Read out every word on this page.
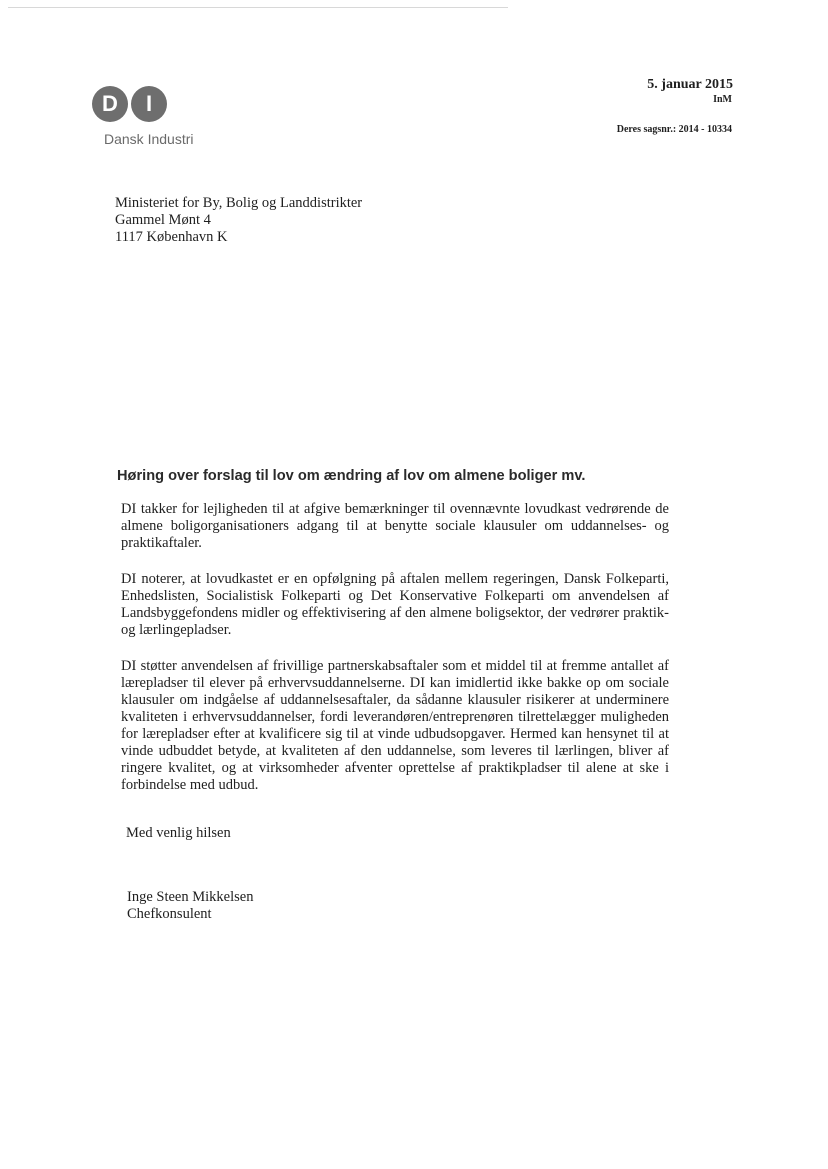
D	I
Dansk Industri
5. januar 2015
InM
Deres sagsnr.: 2014 - 10334
Ministeriet for By, Bolig og Landdistrikter
Gammel Mønt 4
1117 København K
Høring over forslag til lov om ændring af lov om almene boliger mv.

DI takker for lejligheden til at afgive bemærkninger til ovennævnte lovudkast vedrørende de almene boligorganisationers adgang til at benytte sociale klausuler om uddannelses- og praktikaftaler.

DI noterer, at lovudkastet er en opfølgning på aftalen mellem regeringen, Dansk Folkeparti, Enhedslisten, Socialistisk Folkeparti og Det Konservative Folkeparti om anvendelsen af Landsbyggefondens midler og effektivisering af den almene boligsektor, der vedrører praktik- og lærlingepladser.

DI støtter anvendelsen af frivillige partnerskabsaftaler som et middel til at fremme antallet af lærepladser til elever på erhvervsuddannelserne. DI kan imidlertid ikke bakke op om sociale klausuler om indgåelse af uddannelsesaftaler, da sådanne klausuler risikerer at underminere kvaliteten i erhvervsuddannelser, fordi leverandøren/entreprenøren tilrettelægger muligheden for lærepladser efter at kvalificere sig til at vinde udbudsopgaver. Hermed kan hensynet til at vinde udbuddet betyde, at kvaliteten af den uddannelse, som leveres til lærlingen, bliver af ringere kvalitet, og at virksomheder afventer oprettelse af praktikpladser til alene at ske i forbindelse med udbud.

Med venlig hilsen
Inge Steen Mikkelsen
Chefkonsulent
